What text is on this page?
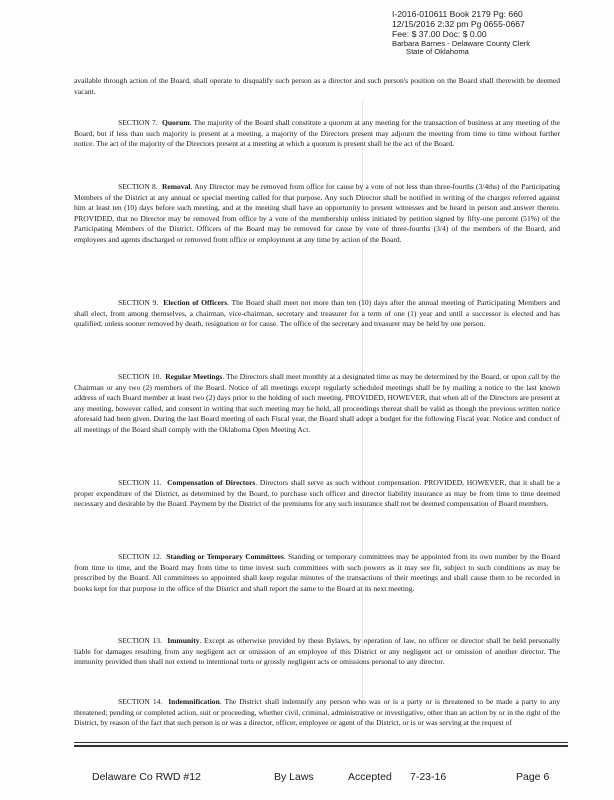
I-2016-010611 Book 2179 Pg: 660
12/15/2016 2:32 pm Pg 0655-0667
Fee: $ 37.00 Doc: $ 0.00
Barbara Barnes - Delaware County Clerk
State of Oklahoma

available through action of the Board, shall operate to disqualify such person as a director and such person's position on the Board shall therewith be deemed vacant.

SECTION 7. Quorum. The majority of the Board shall constitute a quorum at any meeting for the transaction of business at any meeting of the Board, but if less than such majority is present at a meeting, a majority of the Directors present may adjourn the meeting from time to time without further notice. The act of the majority of the Directors present at a meeting at which a quorum is present shall be the act of the Board.
SECTION 8. Removal. Any Director may be removed from office for cause by a vote of not less than three-fourths (3/4ths) of the Participating Members of the District at any annual or special meeting called for that purpose. Any such Director shall be notified in writing of the charges referred against him at least ten (10) days before such meeting, and at the meeting shall have an opportunity to present witnesses and be heard in person and answer thereto. PROVIDED, that no Director may be removed from office by a vote of the membership unless initiated by petition signed by fifty-one percent (51%) of the Participating Members of the District. Officers of the Board may be removed for cause by vote of three-fourths (3/4) of the members of the Board, and employees and agents discharged or removed from office or employment at any time by action of the Board.
SECTION 9. Election of Officers. The Board shall meet not more than ten (10) days after the annual meeting of Participating Members and shall elect, from among themselves, a chairman, vice-chairman, secretary and treasurer for a term of one (1) year and until a successor is elected and has qualified, unless sooner removed by death, resignation or for cause. The office of the secretary and treasurer may be held by one person.
SECTION 10. Regular Meetings. The Directors shall meet monthly at a designated time as may be determined by the Board, or upon call by the Chairman or any two (2) members of the Board. Notice of all meetings except regularly scheduled meetings shall be by mailing a notice to the last known address of each Board member at least two (2) days prior to the holding of such meeting. PROVIDED, HOWEVER, that when all of the Directors are present at any meeting, however called, and consent in writing that such meeting may be held, all proceedings thereat shall be valid as though the previous written notice aforesaid had been given. During the last Board meeting of each Fiscal year, the Board shall adopt a budget for the following Fiscal year. Notice and conduct of all meetings of the Board shall comply with the Oklahoma Open Meeting Act.
SECTION 11. Compensation of Directors. Directors shall serve as such without compensation. PROVIDED, HOWEVER, that it shall be a proper expenditure of the District, as determined by the Board, to purchase such officer and director liability insurance as may be from time to time deemed necessary and desirable by the Board. Payment by the District of the premiums for any such insurance shall not be deemed compensation of Board members.
SECTION 12. Standing or Temporary Committees. Standing or temporary committees may be appointed from its own number by the Board from time to time, and the Board may from time to time invest such committees with such powers as it may see fit, subject to such conditions as may be prescribed by the Board. All committees so appointed shall keep regular minutes of the transactions of their meetings and shall cause them to be recorded in books kept for that purpose in the office of the District and shall report the same to the Board at its next meeting.
SECTION 13. Immunity. Except as otherwise provided by these Bylaws, by operation of law, no officer or director shall be held personally liable for damages resulting from any negligent act or omission of an employee of this District or any negligent act or omission of another director. The immunity provided then shall not extend to intentional torts or grossly negligent acts or omissions personal to any director.
SECTION 14. Indemnification. The District shall indemnify any person who was or is a party or is threatened to be made a party to any threatened; pending or completed action, suit or proceeding, whether civil, criminal, administrative or investigative, other than an action by or in the right of the District, by reason of the fact that such person is or was a director, officer, employee or agent of the District, or is or was serving at the request of
Delaware Co RWD #12	By Laws	Accepted 7-23-16	Page 6
